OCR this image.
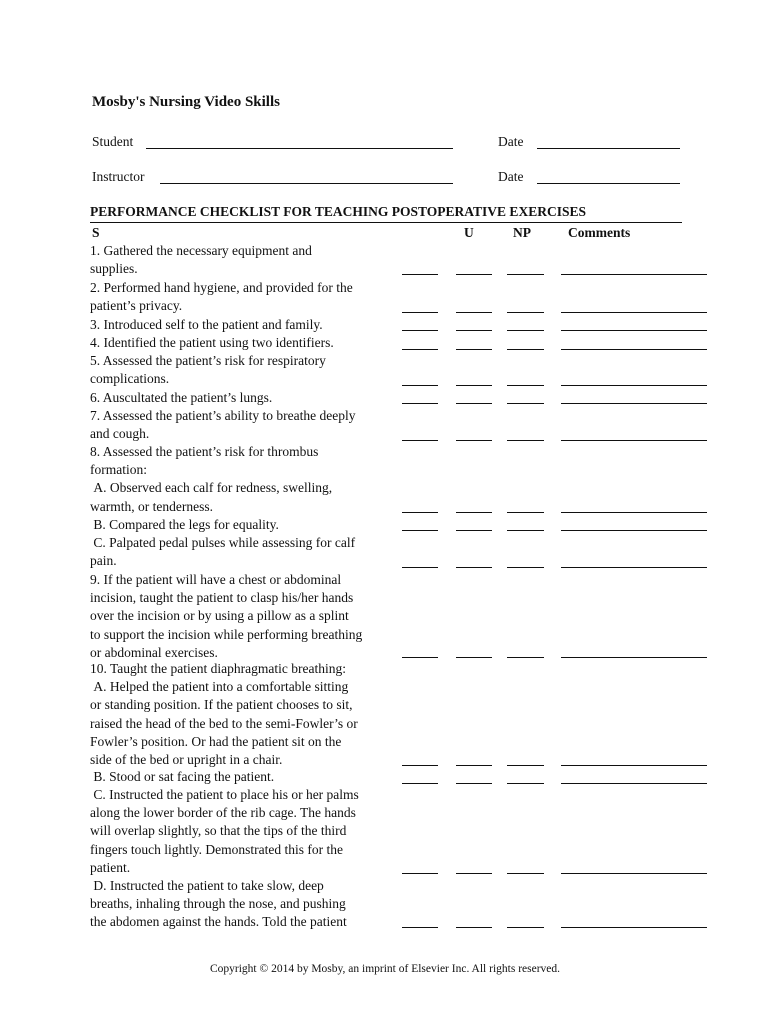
Mosby's Nursing Video Skills
Student	Date
Instructor	Date
PERFORMANCE CHECKLIST FOR TEACHING POSTOPERATIVE EXERCISES
S	U	NP	Comments
1. Gathered the necessary equipment and
supplies.
2. Performed hand hygiene, and provided for the
patient’s privacy.
3. Introduced self to the patient and family.
4. Identified the patient using two identifiers.
5. Assessed the patient’s risk for respiratory
complications.
6. Auscultated the patient’s lungs.
7. Assessed the patient’s ability to breathe deeply
and cough.
8. Assessed the patient’s risk for thrombus
formation:
A. Observed each calf for redness, swelling,
warmth, or tenderness.
B. Compared the legs for equality.
C. Palpated pedal pulses while assessing for calf
pain.
9. If the patient will have a chest or abdominal
incision, taught the patient to clasp his/her hands
over the incision or by using a pillow as a splint
to support the incision while performing breathing
or abdominal exercises.
10. Taught the patient diaphragmatic breathing:
A. Helped the patient into a comfortable sitting
or standing position. If the patient chooses to sit,
raised the head of the bed to the semi-Fowler’s or
Fowler’s position. Or had the patient sit on the
side of the bed or upright in a chair.
B. Stood or sat facing the patient.
C. Instructed the patient to place his or her palms
along the lower border of the rib cage. The hands
will overlap slightly, so that the tips of the third
fingers touch lightly. Demonstrated this for the
patient.
D. Instructed the patient to take slow, deep
breaths, inhaling through the nose, and pushing
the abdomen against the hands. Told the patient
Copyright © 2014 by Mosby, an imprint of Elsevier Inc. All rights reserved.
